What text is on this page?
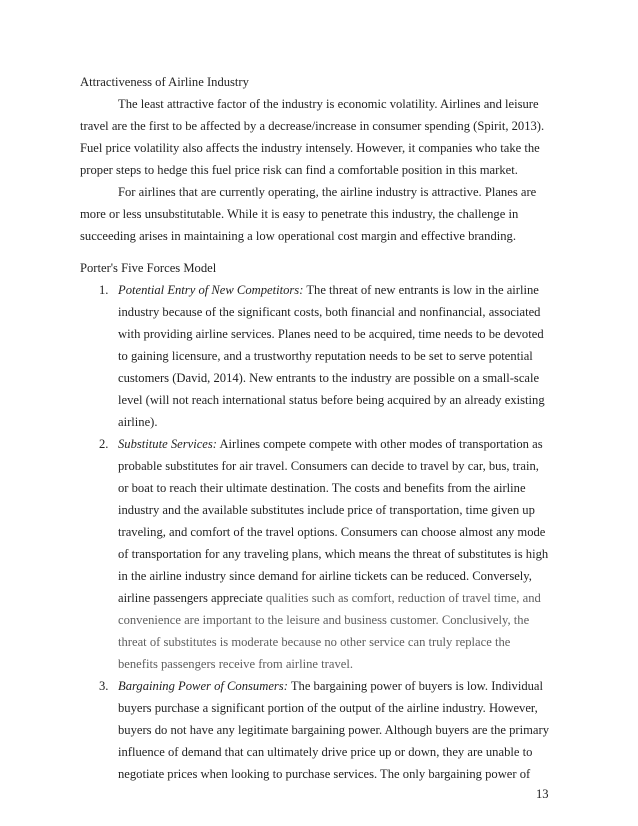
Attractiveness of Airline Industry
The least attractive factor of the industry is economic volatility. Airlines and leisure
travel are the first to be affected by a decrease/increase in consumer spending (Spirit, 2013).
Fuel price volatility also affects the industry intensely. However, it companies who take the
proper steps to hedge this fuel price risk can find a comfortable position in this market.
For airlines that are currently operating, the airline industry is attractive. Planes are
more or less unsubstitutable. While it is easy to penetrate this industry, the challenge in
succeeding arises in maintaining a low operational cost margin and effective branding.
Porter's Five Forces Model
1. Potential Entry of New Competitors: The threat of new entrants is low in the airline
industry because of the significant costs, both financial and nonfinancial, associated
with providing airline services. Planes need to be acquired, time needs to be devoted
to gaining licensure, and a trustworthy reputation needs to be set to serve potential
customers (David, 2014). New entrants to the industry are possible on a small-scale
level (will not reach international status before being acquired by an already existing
airline).
2. Substitute Services: Airlines compete compete with other modes of transportation as
probable substitutes for air travel. Consumers can decide to travel by car, bus, train,
or boat to reach their ultimate destination. The costs and benefits from the airline
industry and the available substitutes include price of transportation, time given up
traveling, and comfort of the travel options. Consumers can choose almost any mode
of transportation for any traveling plans, which means the threat of substitutes is high
in the airline industry since demand for airline tickets can be reduced. Conversely,
airline passengers appreciate qualities such as comfort, reduction of travel time, and
convenience are important to the leisure and business customer. Conclusively, the
threat of substitutes is moderate because no other service can truly replace the
benefits passengers receive from airline travel.
3. Bargaining Power of Consumers: The bargaining power of buyers is low. Individual
buyers purchase a significant portion of the output of the airline industry. However,
buyers do not have any legitimate bargaining power. Although buyers are the primary
influence of demand that can ultimately drive price up or down, they are unable to
negotiate prices when looking to purchase services. The only bargaining power of
13
